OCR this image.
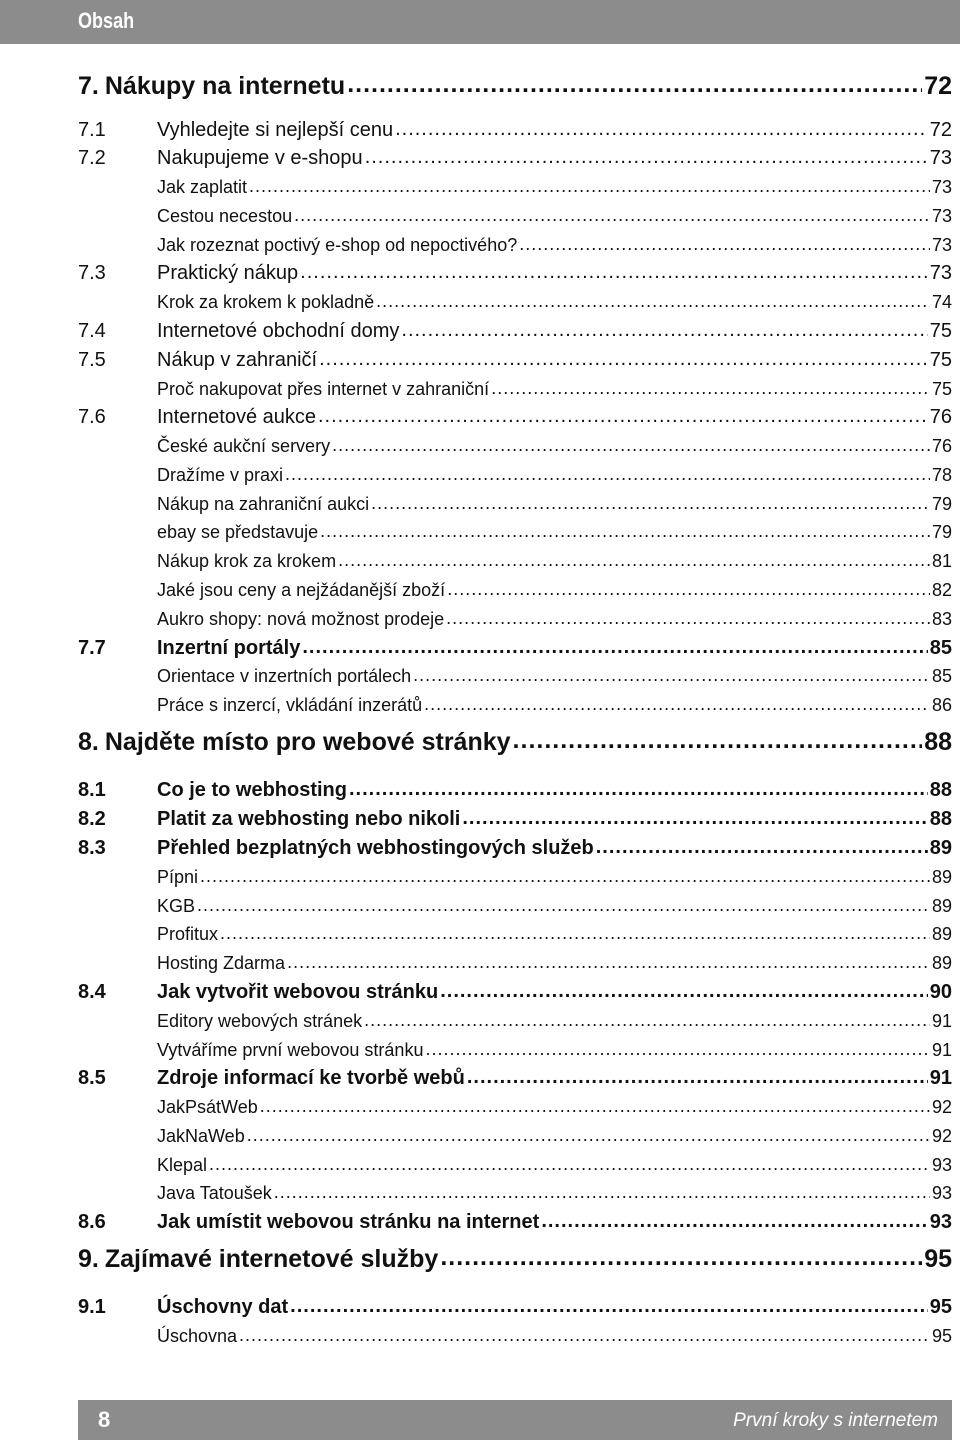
Obsah
7. Nákupy na internetu .....	72
7.1	Vyhledejte si nejlepší cenu .....	72
7.2	Nakupujeme v e-shopu .....	73
Jak zaplatit .....	73
Cestou necestou .....	73
Jak rozeznat poctivý e-shop od nepoctivého? .....	73
7.3	Praktický nákup .....	73
Krok za krokem k pokladně .....	74
7.4	Internetové obchodní domy .....	75
7.5	Nákup v zahraničí .....	75
Proč nakupovat přes internet v zahraniční .....	75
7.6	Internetové aukce .....	76
České aukční servery .....	76
Dražíme v praxi .....	78
Nákup na zahraniční aukci .....	79
ebay se představuje .....	79
Nákup krok za krokem .....	81
Jaké jsou ceny a nejžádanější zboží .....	82
Aukro shopy: nová možnost prodeje .....	83
7.7	Inzertní portály .....	85
Orientace v inzertních portálech .....	85
Práce s inzercí, vkládání inzerátů .....	86
8. Najděte místo pro webové stránky .....	88
8.1	Co je to webhosting .....	88
8.2	Platit za webhosting nebo nikoli .....	88
8.3	Přehled bezplatných webhostingových služeb .....	89
Pípni .....	89
KGB .....	89
Profitux .....	89
Hosting Zdarma .....	89
8.4	Jak vytvořit webovou stránku .....	90
Editory webových stránek .....	91
Vytváříme první webovou stránku .....	91
8.5	Zdroje informací ke tvorbě webů .....	91
JakPsátWeb .....	92
JakNaWeb .....	92
Klepal .....	93
Java Tatoušek .....	93
8.6	Jak umístit webovou stránku na internet .....	93
9. Zajímavé internetové služby .....	95
9.1	Úschovny dat .....	95
Úschovna .....	95
8	První kroky s internetem
